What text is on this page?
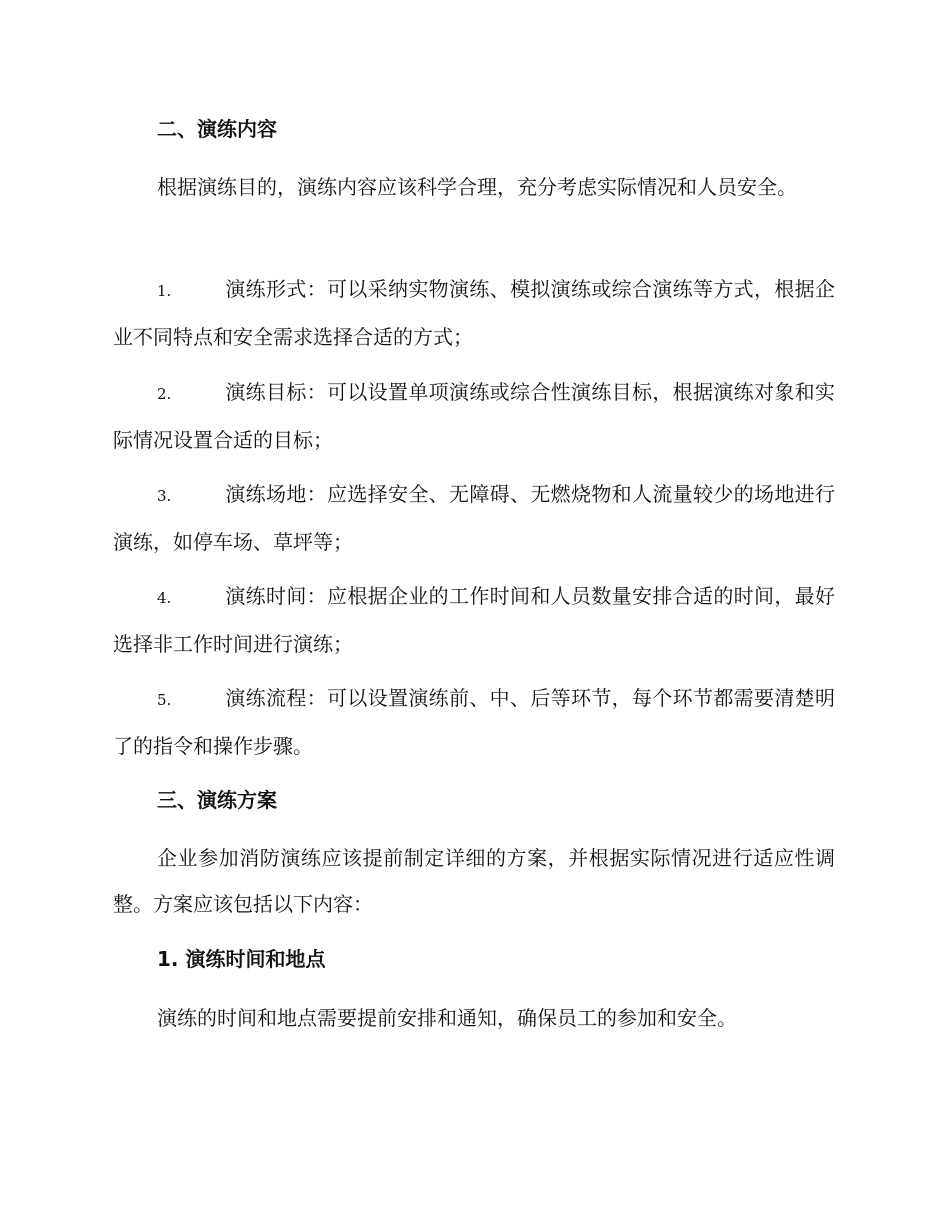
二、演练内容

根据演练目的，演练内容应该科学合理，充分考虑实际情况和人员安全。

1.	演练形式：可以采纳实物演练、模拟演练或综合演练等方式，根据企业不同特点和安全需求选择合适的方式；
2.	演练目标：可以设置单项演练或综合性演练目标，根据演练对象和实际情况设置合适的目标；
3.	演练场地：应选择安全、无障碍、无燃烧物和人流量较少的场地进行演练，如停车场、草坪等；
4.	演练时间：应根据企业的工作时间和人员数量安排合适的时间，最好选择非工作时间进行演练；
5.	演练流程：可以设置演练前、中、后等环节，每个环节都需要清楚明了的指令和操作步骤。
三、演练方案

企业参加消防演练应该提前制定详细的方案，并根据实际情况进行适应性调整。方案应该包括以下内容：

1. 演练时间和地点

演练的时间和地点需要提前安排和通知，确保员工的参加和安全。
